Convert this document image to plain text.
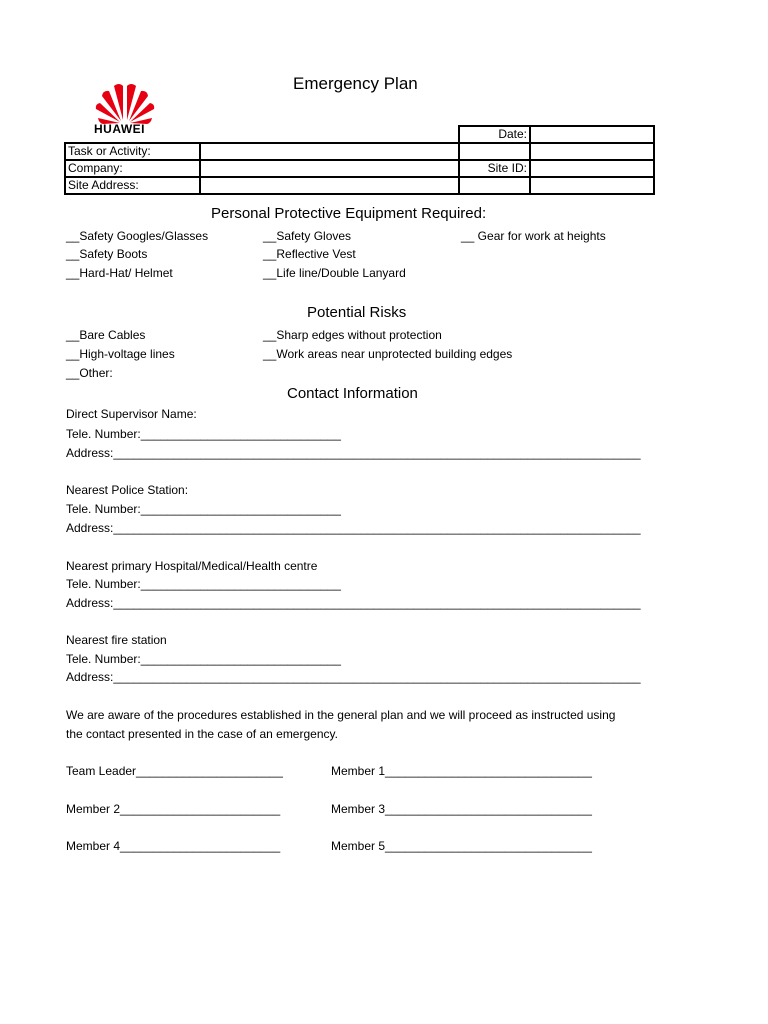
HUAWEI
Emergency Plan
		Date:	
Task or Activity:			
Company:		Site ID:	
Site Address:			
Personal Protective Equipment Required:
__Safety Googles/Glasses	__Safety Gloves	__ Gear for work at heights
__Safety Boots	__Reflective Vest
__Hard-Hat/ Helmet	__Life line/Double Lanyard
Potential Risks
__Bare Cables	__Sharp edges without protection
__High-voltage lines	__Work areas near unprotected building edges
__Other:
Contact Information
Direct Supervisor Name:
Tele. Number:______________________________
Address:_______________________________________________________________________________
Nearest Police Station:
Tele. Number:______________________________
Address:_______________________________________________________________________________
Nearest primary Hospital/Medical/Health centre
Tele. Number:______________________________
Address:_______________________________________________________________________________
Nearest fire station
Tele. Number:______________________________
Address:_______________________________________________________________________________
We are aware of the procedures established in the general plan and we will proceed as instructed using
the contact presented in the case of an emergency.
Team Leader______________________	Member 1_______________________________
Member 2________________________	Member 3_______________________________
Member 4________________________	Member 5_______________________________
